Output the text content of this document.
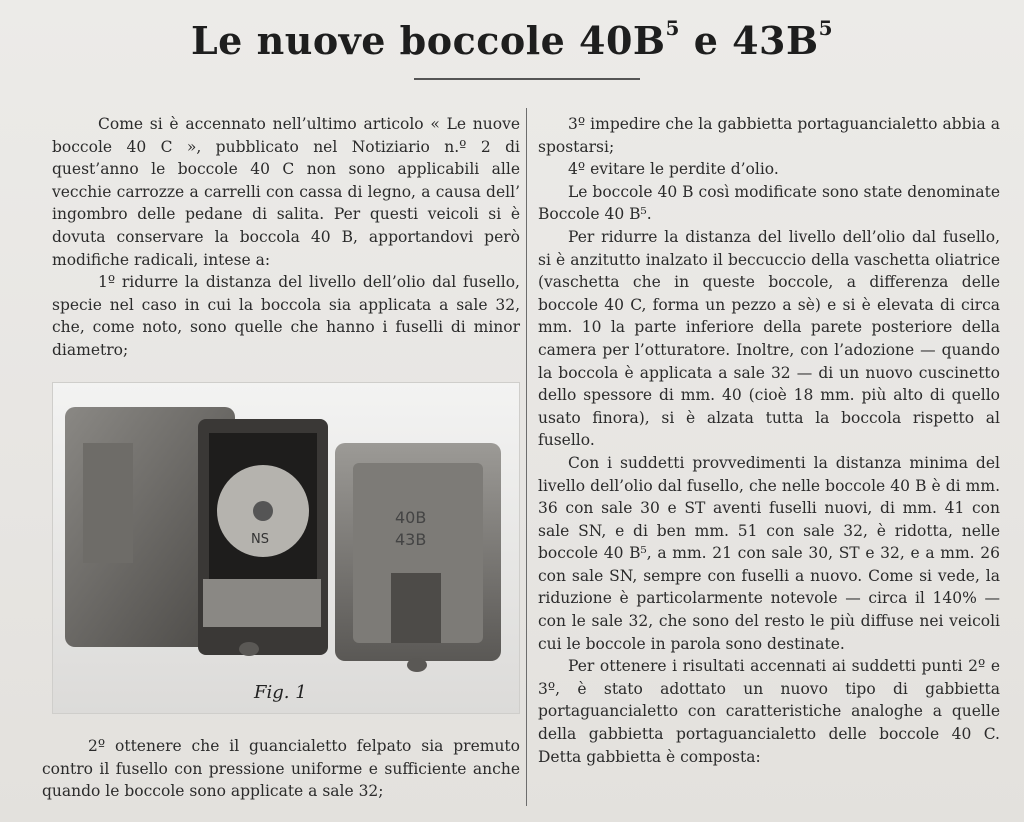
Le nuove boccole $40B^5$ e $43B^5$

Come si è accennato nell’ultimo articolo « Le nuove boccole 40 C », pubblicato nel Notiziario n.º 2 di quest’anno le boccole 40 C non sono applicabili alle vecchie carrozze a carrelli con cassa di legno, a causa dell’ ingombro delle pedane di salita. Per questi veicoli si è dovuta conservare la boccola 40 B, apportandovi però modifiche radicali, intese a:

1º ridurre la distanza del livello dell’olio dal fusello, specie nel caso in cui la boccola sia applicata a sale 32, che, come noto, sono quelle che hanno i fuselli di minor diametro;

NS
40B
43B
Fig. 1

2º ottenere che il guancialetto felpato sia premuto contro il fusello con pressione uniforme e sufficiente anche quando le boccole sono applicate a sale 32;

3º impedire che la gabbietta portaguancialetto abbia a spostarsi;

4º evitare le perdite d’olio.

Le boccole 40 B così modificate sono state denominate Boccole 40 B⁵.

Per ridurre la distanza del livello dell’olio dal fusello, si è anzitutto inalzato il beccuccio della vaschetta oliatrice (vaschetta che in queste boccole, a differenza delle boccole 40 C, forma un pezzo a sè) e si è elevata di circa mm. 10 la parte inferiore della parete posteriore della camera per l’otturatore. Inoltre, con l’adozione — quando la boccola è applicata a sale 32 — di un nuovo cuscinetto dello spessore di mm. 40 (cioè 18 mm. più alto di quello usato finora), si è alzata tutta la boccola rispetto al fusello.

Con i suddetti provvedimenti la distanza minima del livello dell’olio dal fusello, che nelle boccole 40 B è di mm. 36 con sale 30 e ST aventi fuselli nuovi, di mm. 41 con sale SN, e di ben mm. 51 con sale 32, è ridotta, nelle boccole 40 B⁵, a mm. 21 con sale 30, ST e 32, e a mm. 26 con sale SN, sempre con fuselli a nuovo. Come si vede, la riduzione è particolarmente notevole — circa il 140% — con le sale 32, che sono del resto le più diffuse nei veicoli cui le boccole in parola sono destinate.

Per ottenere i risultati accennati ai suddetti punti 2º e 3º, è stato adottato un nuovo tipo di gabbietta portaguancialetto con caratteristiche analoghe a quelle della gabbietta portaguancialetto delle boccole 40 C. Detta gabbietta è composta:
